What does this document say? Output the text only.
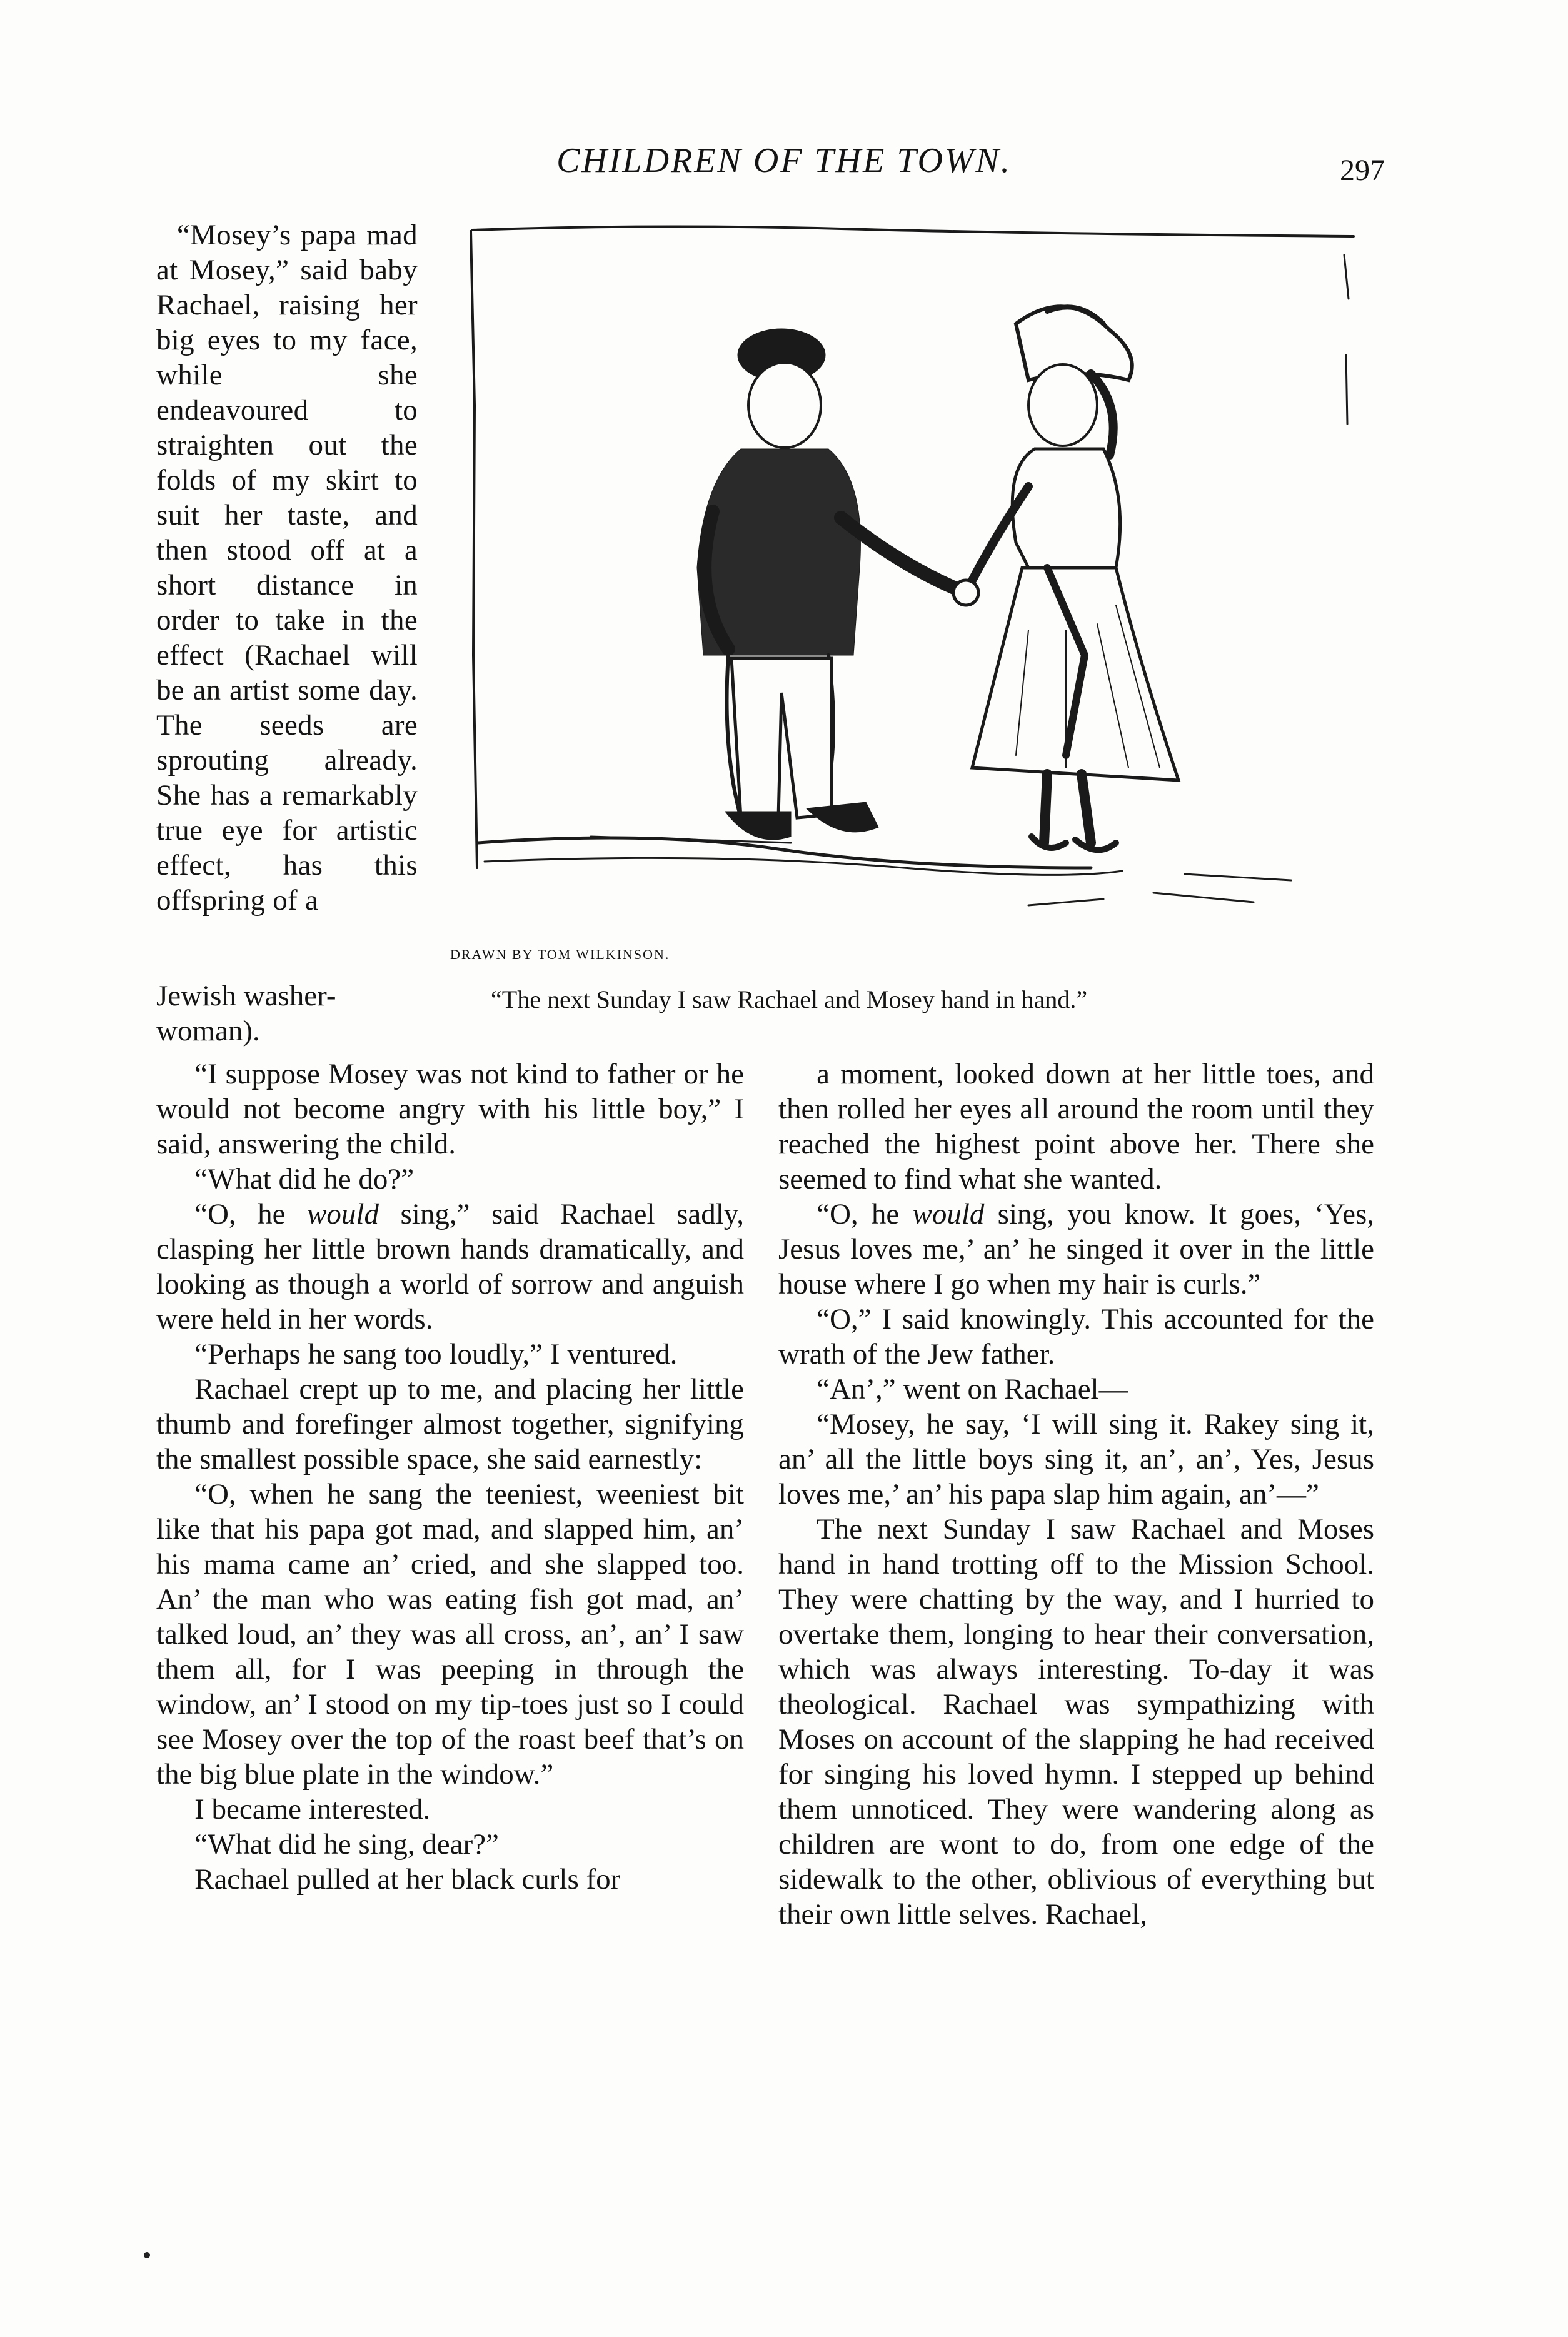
CHILDREN OF THE TOWN.	297
DRAWN BY TOM WILKINSON.
“The next Sunday I saw Rachael and Mosey hand in hand.”

“Mosey’s papa mad at Mosey,” said baby Rachael, raising her big eyes to my face, while she endeavoured to straighten out the folds of my skirt to suit her taste, and then stood off at a short distance in order to take in the effect (Rachael will be an artist some day. The seeds are sprouting already. She has a remarkably true eye for artistic effect, has this offspring of a

Jewish washer-woman).

“I suppose Mosey was not kind to father or he would not become angry with his little boy,” I said, answering the child.

“What did he do?”

“O, he would sing,” said Rachael sadly, clasping her little brown hands dramatically, and looking as though a world of sorrow and anguish were held in her words.

“Perhaps he sang too loudly,” I ventured.

Rachael crept up to me, and placing her little thumb and forefinger almost together, signifying the smallest possible space, she said earnestly:

“O, when he sang the teeniest, weeniest bit like that his papa got mad, and slapped him, an’ his mama came an’ cried, and she slapped too. An’ the man who was eating fish got mad, an’ talked loud, an’ they was all cross, an’, an’ I saw them all, for I was peeping in through the window, an’ I stood on my tip-toes just so I could see Mosey over the top of the roast beef that’s on the big blue plate in the window.”

I became interested.

“What did he sing, dear?”

Rachael pulled at her black curls for

a moment, looked down at her little toes, and then rolled her eyes all around the room until they reached the highest point above her. There she seemed to find what she wanted.

“O, he would sing, you know. It goes, ‘Yes, Jesus loves me,’ an’ he singed it over in the little house where I go when my hair is curls.”

“O,” I said knowingly. This accounted for the wrath of the Jew father.

“An’,” went on Rachael—

“Mosey, he say, ‘I will sing it. Rakey sing it, an’ all the little boys sing it, an’, an’, Yes, Jesus loves me,’ an’ his papa slap him again, an’—”

The next Sunday I saw Rachael and Moses hand in hand trotting off to the Mission School. They were chatting by the way, and I hurried to overtake them, longing to hear their conversation, which was always interesting. To-day it was theological. Rachael was sympathizing with Moses on account of the slapping he had received for singing his loved hymn. I stepped up behind them unnoticed. They were wandering along as children are wont to do, from one edge of the sidewalk to the other, oblivious of everything but their own little selves. Rachael,
